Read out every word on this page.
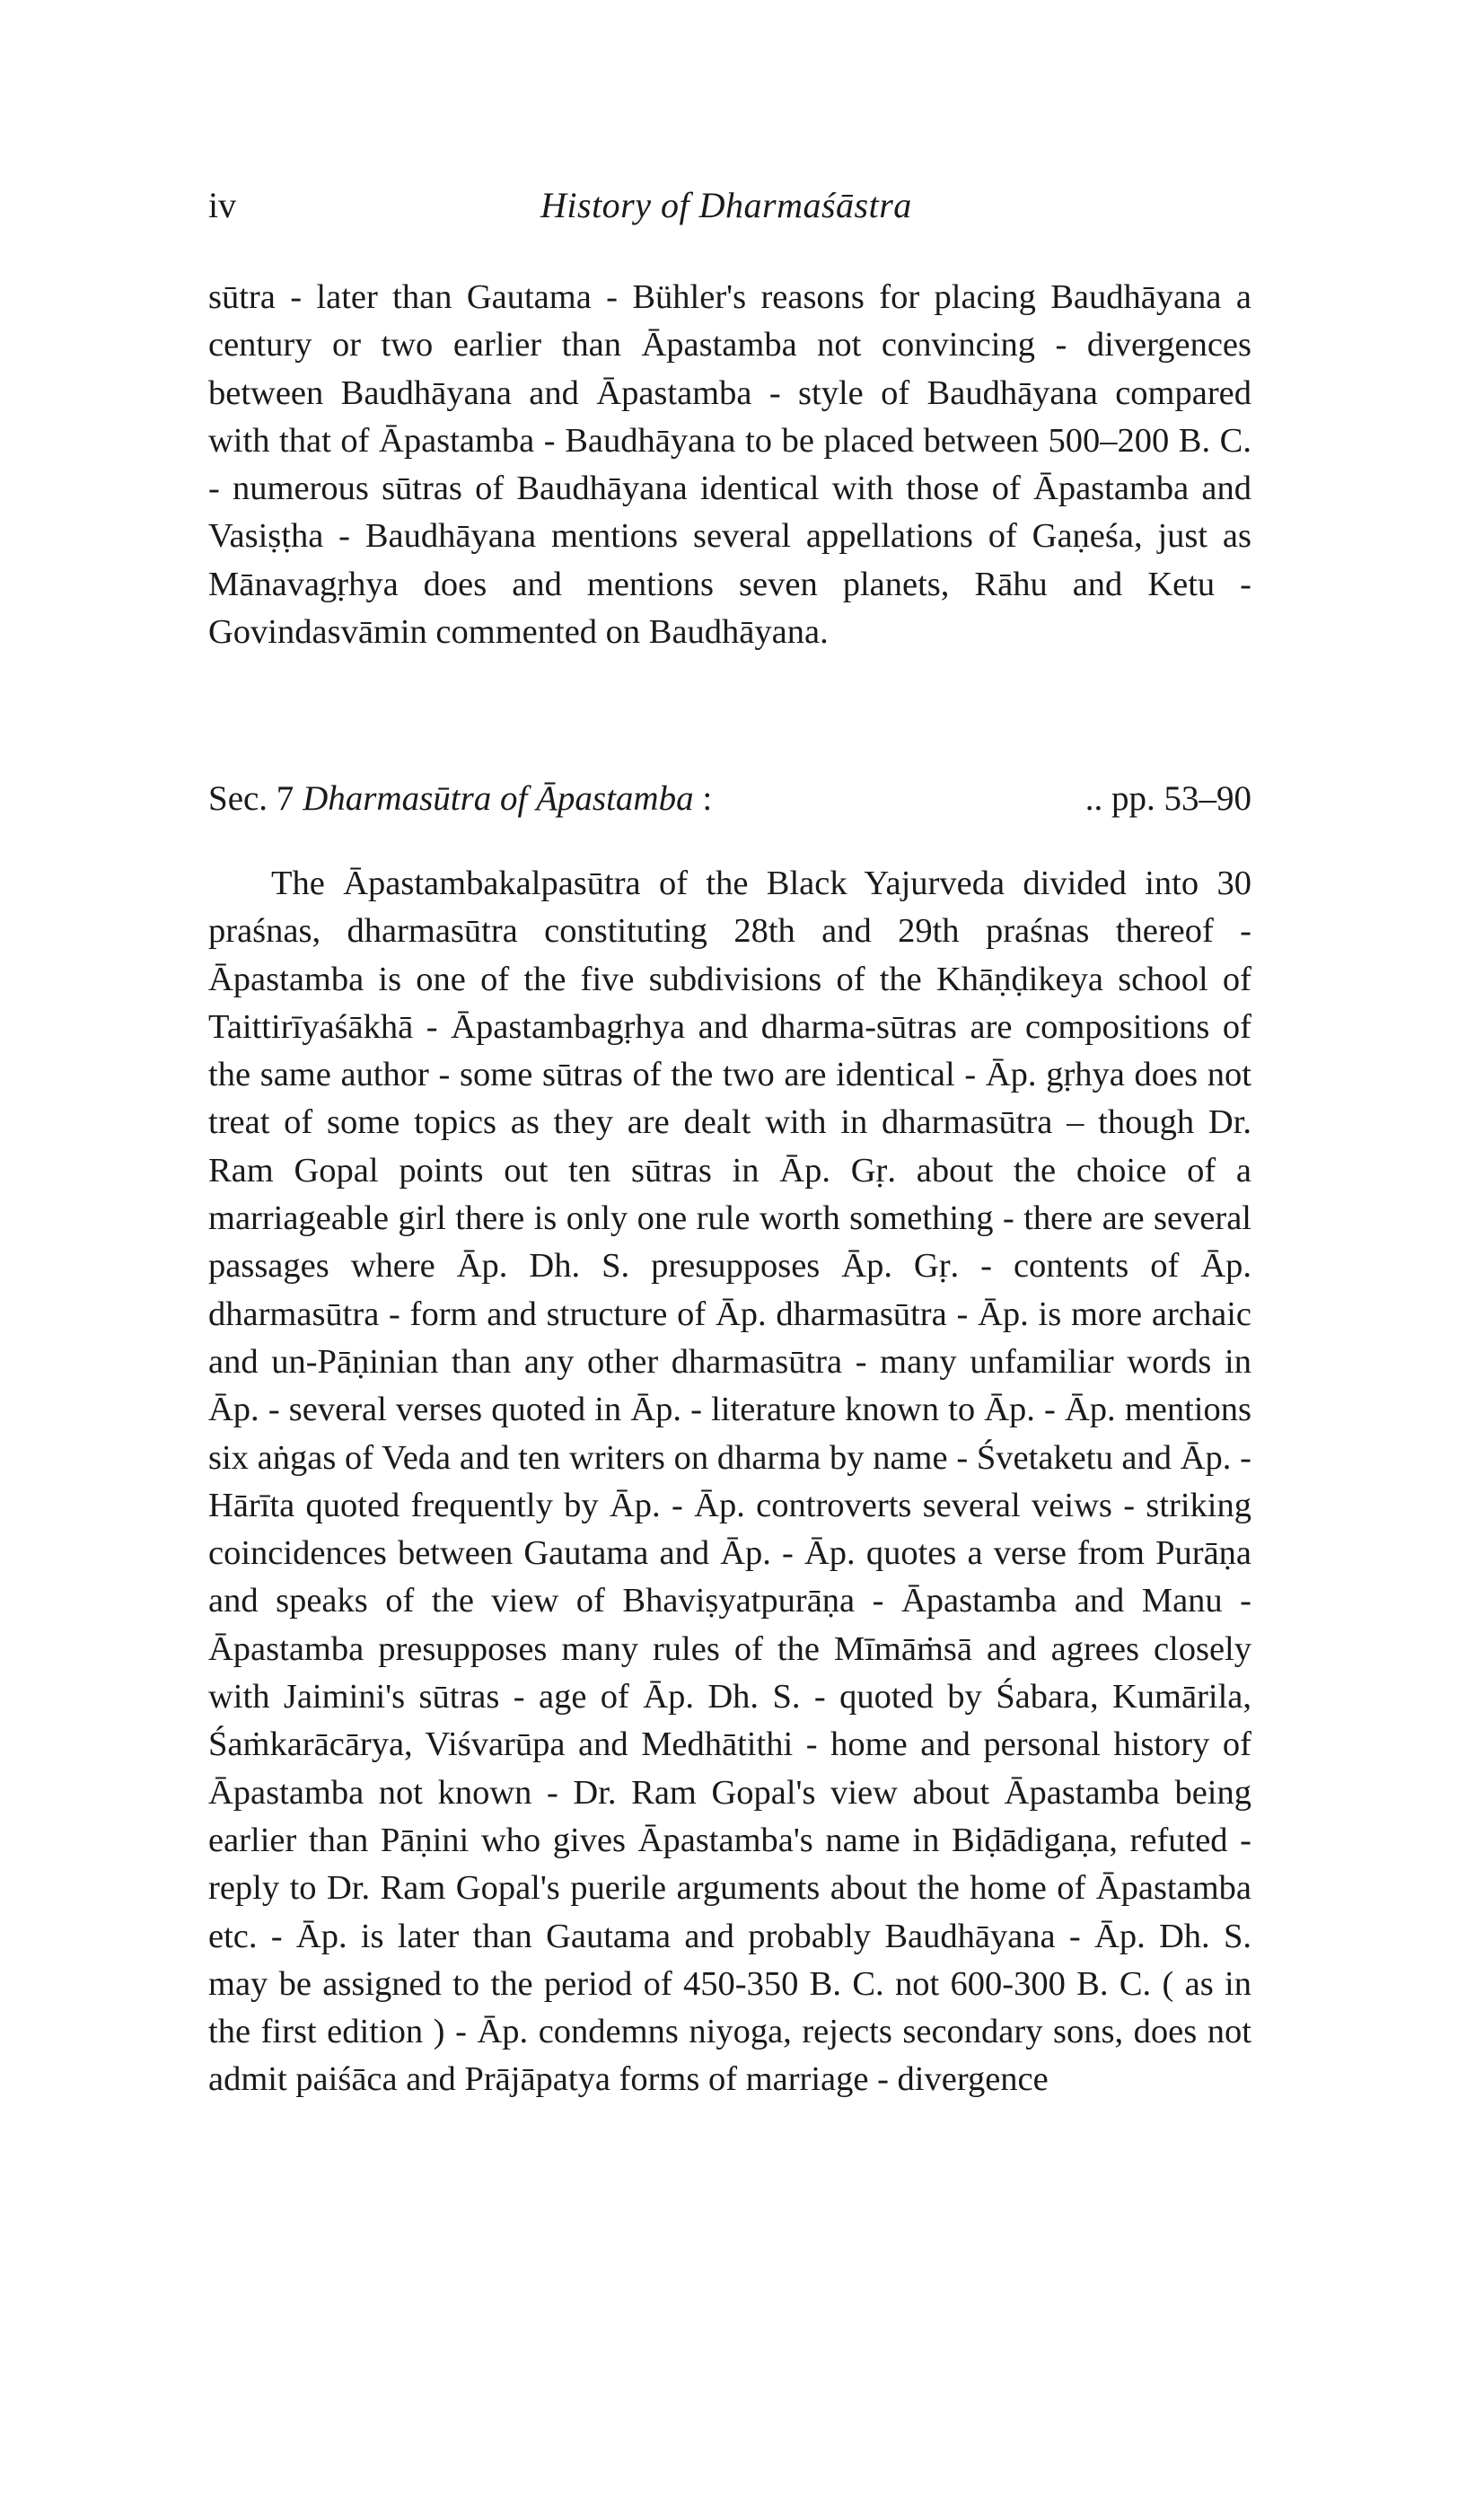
iv	History of Dharmaśāstra

sūtra - later than Gautama - Bühler's reasons for placing Baudhāyana a century or two earlier than Āpastamba not convincing - divergences between Baudhāyana and Āpastamba - style of Baudhāyana compared with that of Āpastamba - Baudhāyana to be placed between 500–200 B. C. - numerous sūtras of Baudhāyana identical with those of Āpastamba and Vasiṣṭha - Baudhāyana mentions several appellations of Gaṇeśa, just as Mānavagṛhya does and mentions seven planets, Rāhu and Ketu - Govindasvāmin commented on Baudhāyana.

Sec. 7 Dharmasūtra of Āpastamba :	.. pp. 53–90

The Āpastambakalpasūtra of the Black Yajurveda divided into 30 praśnas, dharmasūtra constituting 28th and 29th praśnas thereof - Āpastamba is one of the five subdivisions of the Khāṇḍikeya school of Taittirīyaśākhā - Āpastambagṛhya and dharma-sūtras are compositions of the same author - some sūtras of the two are identical - Āp. gṛhya does not treat of some topics as they are dealt with in dharmasūtra – though Dr. Ram Gopal points out ten sūtras in Āp. Gṛ. about the choice of a marriageable girl there is only one rule worth something - there are several passages where Āp. Dh. S. presupposes Āp. Gṛ. - contents of Āp. dharmasūtra - form and structure of Āp. dharmasūtra - Āp. is more archaic and un-Pāṇinian than any other dharmasūtra - many unfamiliar words in Āp. - several verses quoted in Āp. - literature known to Āp. - Āp. mentions six aṅgas of Veda and ten writers on dharma by name - Śvetaketu and Āp. - Hārīta quoted frequently by Āp. - Āp. controverts several veiws - striking coincidences between Gautama and Āp. - Āp. quotes a verse from Purāṇa and speaks of the view of Bhaviṣyatpurāṇa - Āpastamba and Manu - Āpastamba presupposes many rules of the Mīmāṁsā and agrees closely with Jaimini's sūtras - age of Āp. Dh. S. - quoted by Śabara, Kumārila, Śaṁkarācārya, Viśvarūpa and Medhātithi - home and personal history of Āpastamba not known - Dr. Ram Gopal's view about Āpastamba being earlier than Pāṇini who gives Āpastamba's name in Biḍādigaṇa, refuted - reply to Dr. Ram Gopal's puerile arguments about the home of Āpastamba etc. - Āp. is later than Gautama and probably Baudhāyana - Āp. Dh. S. may be assigned to the period of 450-350 B. C. not 600-300 B. C. ( as in the first edition ) - Āp. condemns niyoga, rejects secondary sons, does not admit paiśāca and Prājāpatya forms of marriage - divergence
